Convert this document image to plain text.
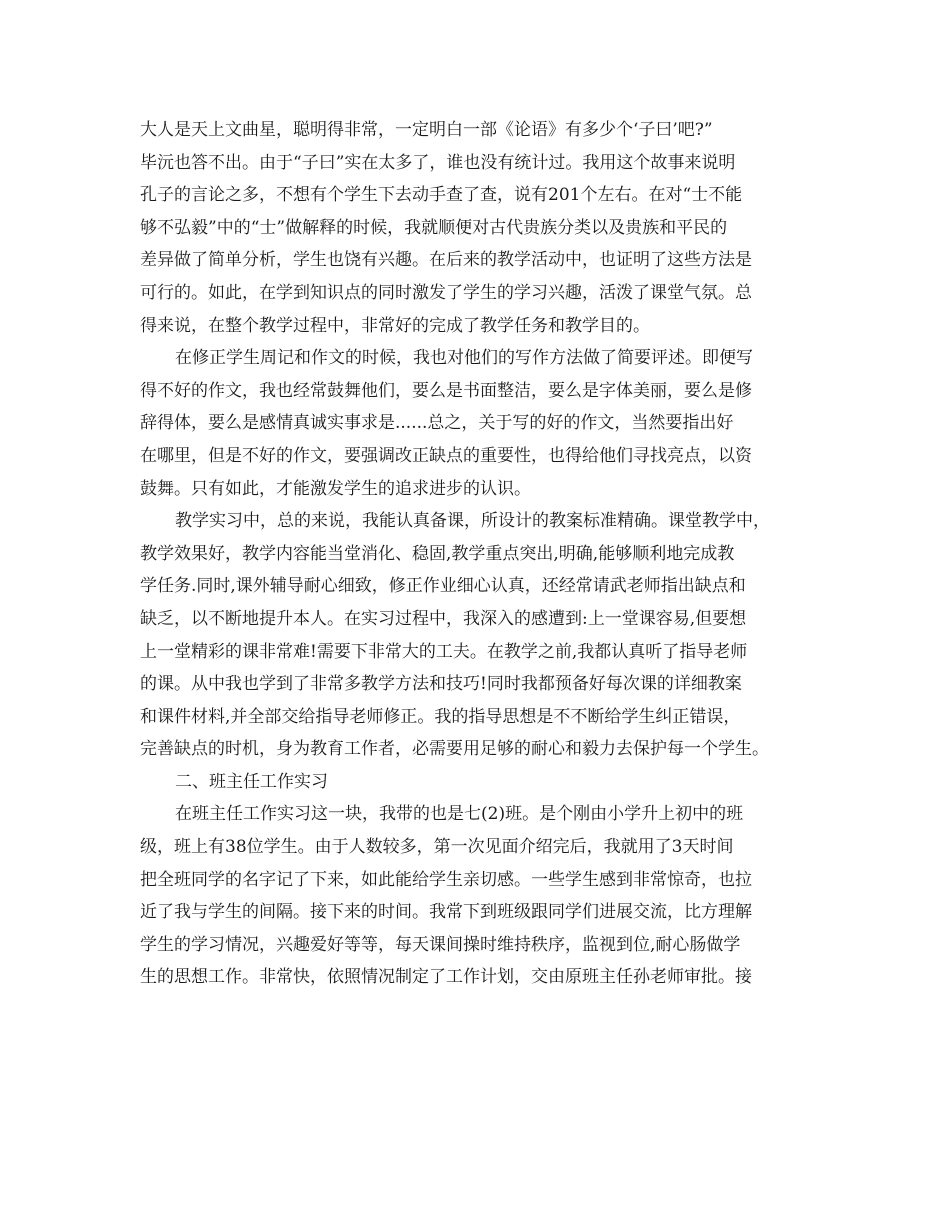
大人是天上文曲星，聪明得非常，一定明白一部《论语》有多少个‘子曰’吧?”
毕沅也答不出。由于“子曰”实在太多了，谁也没有统计过。我用这个故事来说明
孔子的言论之多，不想有个学生下去动手查了查，说有201个左右。在对“士不能
够不弘毅”中的“士”做解释的时候，我就顺便对古代贵族分类以及贵族和平民的
差异做了简单分析，学生也饶有兴趣。在后来的教学活动中，也证明了这些方法是
可行的。如此，在学到知识点的同时激发了学生的学习兴趣，活泼了课堂气氛。总
得来说，在整个教学过程中，非常好的完成了教学任务和教学目的。
在修正学生周记和作文的时候，我也对他们的写作方法做了简要评述。即便写
得不好的作文，我也经常鼓舞他们，要么是书面整洁，要么是字体美丽，要么是修
辞得体，要么是感情真诚实事求是......总之，关于写的好的作文，当然要指出好
在哪里，但是不好的作文，要强调改正缺点的重要性，也得给他们寻找亮点，以资
鼓舞。只有如此，才能激发学生的追求进步的认识。
教学实习中，总的来说，我能认真备课，所设计的教案标准精确。课堂教学中，
教学效果好，教学内容能当堂消化、稳固,教学重点突出,明确,能够顺利地完成教
学任务.同时,课外辅导耐心细致，修正作业细心认真，还经常请武老师指出缺点和
缺乏，以不断地提升本人。在实习过程中，我深入的感遭到:上一堂课容易,但要想
上一堂精彩的课非常难!需要下非常大的工夫。在教学之前,我都认真听了指导老师
的课。从中我也学到了非常多教学方法和技巧!同时我都预备好每次课的详细教案
和课件材料,并全部交给指导老师修正。我的指导思想是不不断给学生纠正错误，
完善缺点的时机，身为教育工作者，必需要用足够的耐心和毅力去保护每一个学生。
二、班主任工作实习
在班主任工作实习这一块，我带的也是七(2)班。是个刚由小学升上初中的班
级，班上有38位学生。由于人数较多，第一次见面介绍完后，我就用了3天时间
把全班同学的名字记了下来，如此能给学生亲切感。一些学生感到非常惊奇，也拉
近了我与学生的间隔。接下来的时间。我常下到班级跟同学们进展交流，比方理解
学生的学习情况，兴趣爱好等等，每天课间操时维持秩序，监视到位,耐心肠做学
生的思想工作。非常快，依照情况制定了工作计划，交由原班主任孙老师审批。接
